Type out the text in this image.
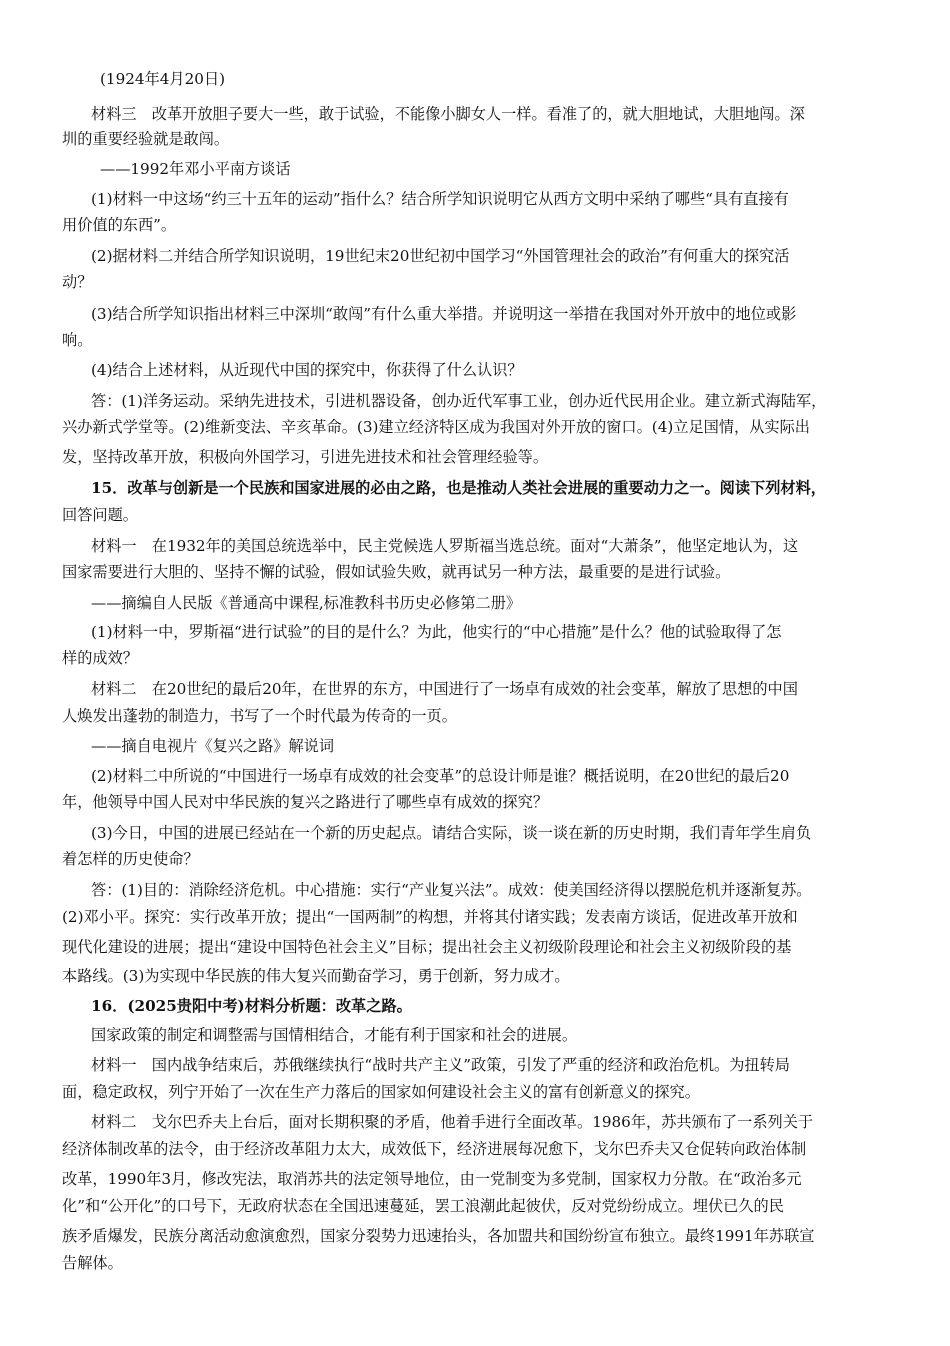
(1924年4月20日)
材料三　改革开放胆子要大一些，敢于试验，不能像小脚女人一样。看准了的，就大胆地试，大胆地闯。深
圳的重要经验就是敢闯。
——1992年邓小平南方谈话
(1)材料一中这场“约三十五年的运动”指什么？结合所学知识说明它从西方文明中采纳了哪些“具有直接有
用价值的东西”。
(2)据材料二并结合所学知识说明，19世纪末20世纪初中国学习“外国管理社会的政治”有何重大的探究活
动？
(3)结合所学知识指出材料三中深圳“敢闯”有什么重大举措。并说明这一举措在我国对外开放中的地位或影
响。
(4)结合上述材料，从近现代中国的探究中，你获得了什么认识？
答：(1)洋务运动。采纳先进技术，引进机器设备，创办近代军事工业，创办近代民用企业。建立新式海陆军，
兴办新式学堂等。(2)维新变法、辛亥革命。(3)建立经济特区成为我国对外开放的窗口。(4)立足国情，从实际出
发，坚持改革开放，积极向外国学习，引进先进技术和社会管理经验等。
15．改革与创新是一个民族和国家进展的必由之路，也是推动人类社会进展的重要动力之一。阅读下列材料，
回答问题。
材料一　在1932年的美国总统选举中，民主党候选人罗斯福当选总统。面对“大萧条”，他坚定地认为，这
国家需要进行大胆的、坚持不懈的试验，假如试验失败，就再试另一种方法，最重要的是进行试验。
——摘编自人民版《普通高中课程,标准教科书历史必修第二册》
(1)材料一中，罗斯福“进行试验”的目的是什么？为此，他实行的“中心措施”是什么？他的试验取得了怎
样的成效？
材料二　在20世纪的最后20年，在世界的东方，中国进行了一场卓有成效的社会变革，解放了思想的中国
人焕发出蓬勃的制造力，书写了一个时代最为传奇的一页。
——摘自电视片《复兴之路》解说词
(2)材料二中所说的“中国进行一场卓有成效的社会变革”的总设计师是谁？概括说明，在20世纪的最后20
年，他领导中国人民对中华民族的复兴之路进行了哪些卓有成效的探究？
(3)今日，中国的进展已经站在一个新的历史起点。请结合实际，谈一谈在新的历史时期，我们青年学生肩负
着怎样的历史使命？
答：(1)目的：消除经济危机。中心措施：实行“产业复兴法”。成效：使美国经济得以摆脱危机并逐渐复苏。
(2)邓小平。探究：实行改革开放；提出“一国两制”的构想，并将其付诸实践；发表南方谈话，促进改革开放和
现代化建设的进展；提出“建设中国特色社会主义”目标；提出社会主义初级阶段理论和社会主义初级阶段的基
本路线。(3)为实现中华民族的伟大复兴而勤奋学习，勇于创新，努力成才。
16．(2025贵阳中考)材料分析题：改革之路。
国家政策的制定和调整需与国情相结合，才能有利于国家和社会的进展。
材料一　国内战争结束后，苏俄继续执行“战时共产主义”政策，引发了严重的经济和政治危机。为扭转局
面，稳定政权，列宁开始了一次在生产力落后的国家如何建设社会主义的富有创新意义的探究。
材料二　戈尔巴乔夫上台后，面对长期积聚的矛盾，他着手进行全面改革。1986年，苏共颁布了一系列关于
经济体制改革的法令，由于经济改革阻力太大，成效低下，经济进展每况愈下，戈尔巴乔夫又仓促转向政治体制
改革，1990年3月，修改宪法，取消苏共的法定领导地位，由一党制变为多党制，国家权力分散。在“政治多元
化”和“公开化”的口号下，无政府状态在全国迅速蔓延，罢工浪潮此起彼伏，反对党纷纷成立。埋伏已久的民
族矛盾爆发，民族分离活动愈演愈烈，国家分裂势力迅速抬头，各加盟共和国纷纷宣布独立。最终1991年苏联宣
告解体。
